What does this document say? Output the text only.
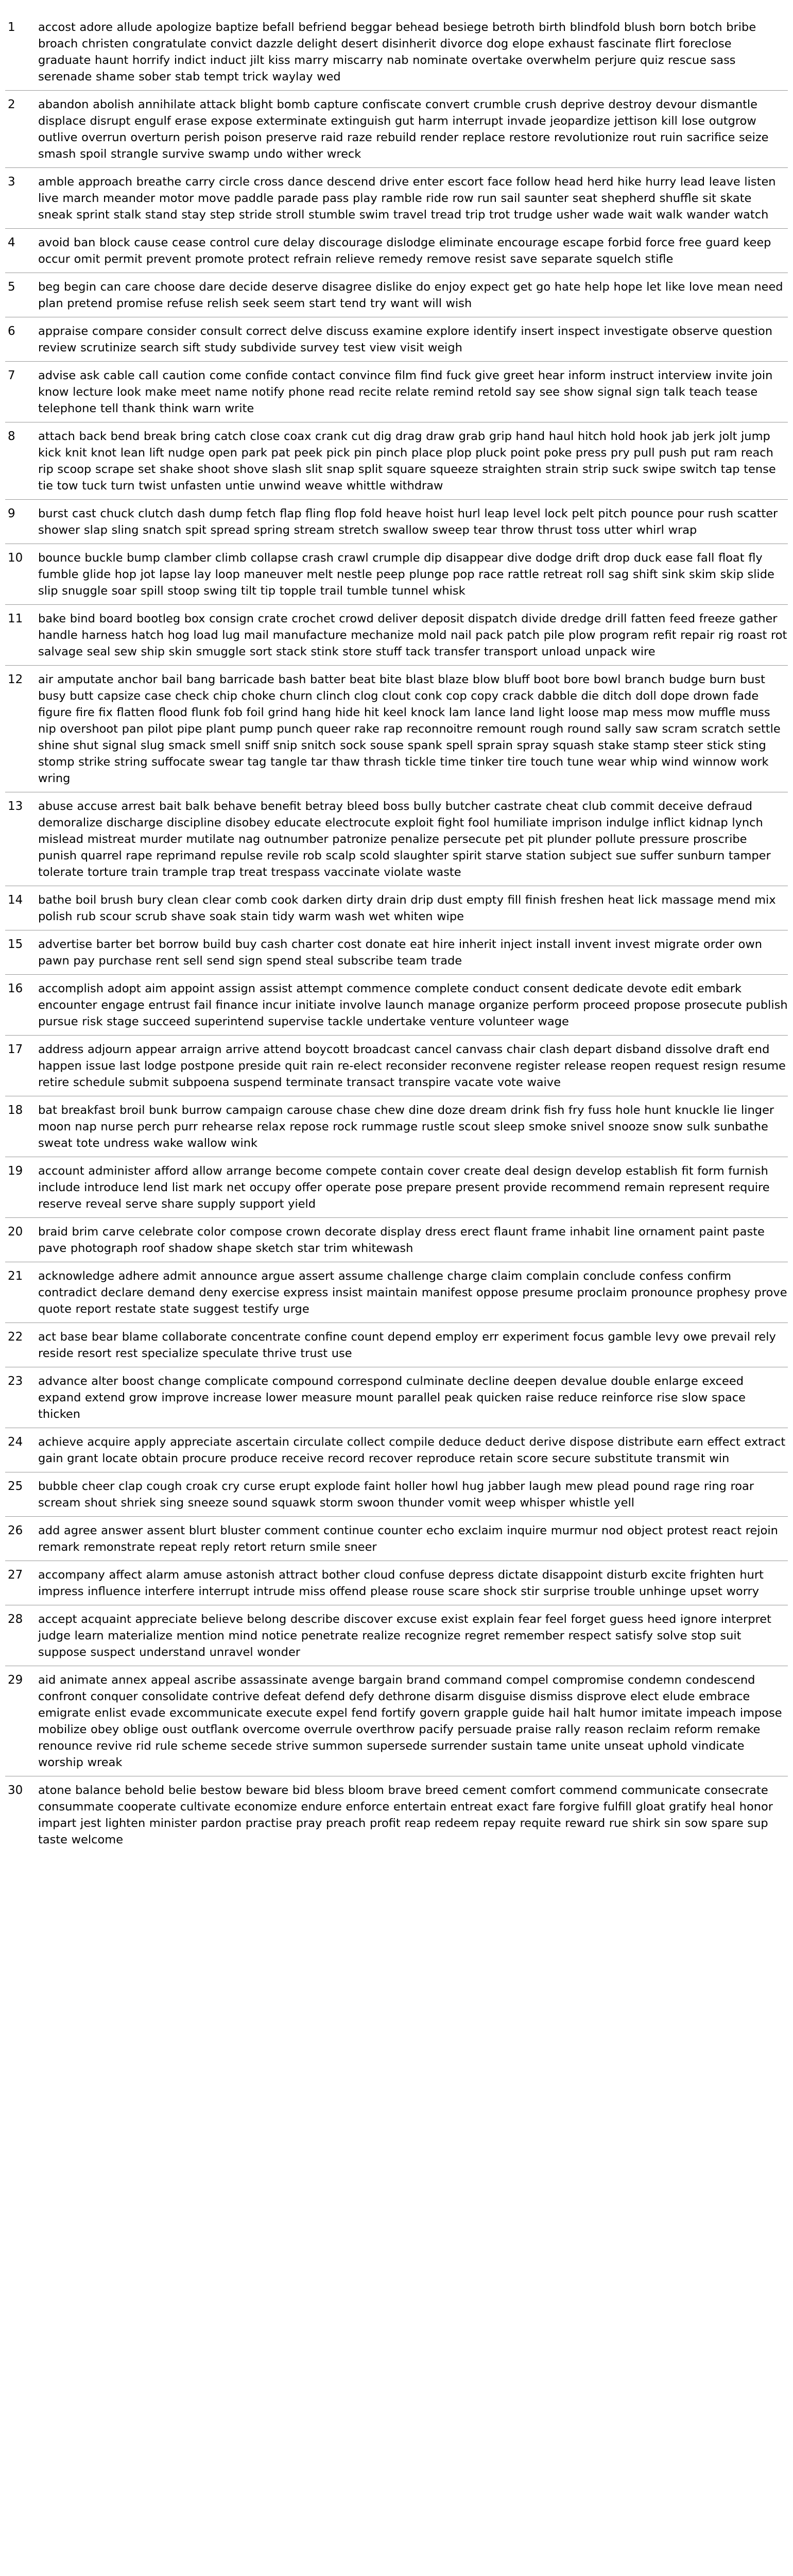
1	accost adore allude apologize baptize befall befriend beggar behead besiege betroth birth blindfold blush born botch bribe broach christen congratulate convict dazzle delight desert disinherit divorce dog elope exhaust fascinate flirt foreclose graduate haunt horrify indict induct jilt kiss marry miscarry nab nominate overtake overwhelm perjure quiz rescue sass serenade shame sober stab tempt trick waylay wed
2	abandon abolish annihilate attack blight bomb capture confiscate convert crumble crush deprive destroy devour dismantle displace disrupt engulf erase expose exterminate extinguish gut harm interrupt invade jeopardize jettison kill lose outgrow outlive overrun overturn perish poison preserve raid raze rebuild render replace restore revolutionize rout ruin sacrifice seize smash spoil strangle survive swamp undo wither wreck
3	amble approach breathe carry circle cross dance descend drive enter escort face follow head herd hike hurry lead leave listen live march meander motor move paddle parade pass play ramble ride row run sail saunter seat shepherd shuffle sit skate sneak sprint stalk stand stay step stride stroll stumble swim travel tread trip trot trudge usher wade wait walk wander watch
4	avoid ban block cause cease control cure delay discourage dislodge eliminate encourage escape forbid force free guard keep occur omit permit prevent promote protect refrain relieve remedy remove resist save separate squelch stifle
5	beg begin can care choose dare decide deserve disagree dislike do enjoy expect get go hate help hope let like love mean need plan pretend promise refuse relish seek seem start tend try want will wish
6	appraise compare consider consult correct delve discuss examine explore identify insert inspect investigate observe question review scrutinize search sift study subdivide survey test view visit weigh
7	advise ask cable call caution come confide contact convince film find fuck give greet hear inform instruct interview invite join know lecture look make meet name notify phone read recite relate remind retold say see show signal sign talk teach tease telephone tell thank think warn write
8	attach back bend break bring catch close coax crank cut dig drag draw grab grip hand haul hitch hold hook jab jerk jolt jump kick knit knot lean lift nudge open park pat peek pick pin pinch place plop pluck point poke press pry pull push put ram reach rip scoop scrape set shake shoot shove slash slit snap split square squeeze straighten strain strip suck swipe switch tap tense tie tow tuck turn twist unfasten untie unwind weave whittle withdraw
9	burst cast chuck clutch dash dump fetch flap fling flop fold heave hoist hurl leap level lock pelt pitch pounce pour rush scatter shower slap sling snatch spit spread spring stream stretch swallow sweep tear throw thrust toss utter whirl wrap
10	bounce buckle bump clamber climb collapse crash crawl crumple dip disappear dive dodge drift drop duck ease fall float fly fumble glide hop jot lapse lay loop maneuver melt nestle peep plunge pop race rattle retreat roll sag shift sink skim skip slide slip snuggle soar spill stoop swing tilt tip topple trail tumble tunnel whisk
11	bake bind board bootleg box consign crate crochet crowd deliver deposit dispatch divide dredge drill fatten feed freeze gather handle harness hatch hog load lug mail manufacture mechanize mold nail pack patch pile plow program refit repair rig roast rot salvage seal sew ship skin smuggle sort stack stink store stuff tack transfer transport unload unpack wire
12	air amputate anchor bail bang barricade bash batter beat bite blast blaze blow bluff boot bore bowl branch budge burn bust busy butt capsize case check chip choke churn clinch clog clout conk cop copy crack dabble die ditch doll dope drown fade figure fire fix flatten flood flunk fob foil grind hang hide hit keel knock lam lance land light loose map mess mow muffle muss nip overshoot pan pilot pipe plant pump punch queer rake rap reconnoitre remount rough round sally saw scram scratch settle shine shut signal slug smack smell sniff snip snitch sock souse spank spell sprain spray squash stake stamp steer stick sting stomp strike string suffocate swear tag tangle tar thaw thrash tickle time tinker tire touch tune wear whip wind winnow work wring
13	abuse accuse arrest bait balk behave benefit betray bleed boss bully butcher castrate cheat club commit deceive defraud demoralize discharge discipline disobey educate electrocute exploit fight fool humiliate imprison indulge inflict kidnap lynch mislead mistreat murder mutilate nag outnumber patronize penalize persecute pet pit plunder pollute pressure proscribe punish quarrel rape reprimand repulse revile rob scalp scold slaughter spirit starve station subject sue suffer sunburn tamper tolerate torture train trample trap treat trespass vaccinate violate waste
14	bathe boil brush bury clean clear comb cook darken dirty drain drip dust empty fill finish freshen heat lick massage mend mix polish rub scour scrub shave soak stain tidy warm wash wet whiten wipe
15	advertise barter bet borrow build buy cash charter cost donate eat hire inherit inject install invent invest migrate order own pawn pay purchase rent sell send sign spend steal subscribe team trade
16	accomplish adopt aim appoint assign assist attempt commence complete conduct consent dedicate devote edit embark encounter engage entrust fail finance incur initiate involve launch manage organize perform proceed propose prosecute publish pursue risk stage succeed superintend supervise tackle undertake venture volunteer wage
17	address adjourn appear arraign arrive attend boycott broadcast cancel canvass chair clash depart disband dissolve draft end happen issue last lodge postpone preside quit rain re-elect reconsider reconvene register release reopen request resign resume retire schedule submit subpoena suspend terminate transact transpire vacate vote waive
18	bat breakfast broil bunk burrow campaign carouse chase chew dine doze dream drink fish fry fuss hole hunt knuckle lie linger moon nap nurse perch purr rehearse relax repose rock rummage rustle scout sleep smoke snivel snooze snow sulk sunbathe sweat tote undress wake wallow wink
19	account administer afford allow arrange become compete contain cover create deal design develop establish fit form furnish include introduce lend list mark net occupy offer operate pose prepare present provide recommend remain represent require reserve reveal serve share supply support yield
20	braid brim carve celebrate color compose crown decorate display dress erect flaunt frame inhabit line ornament paint paste pave photograph roof shadow shape sketch star trim whitewash
21	acknowledge adhere admit announce argue assert assume challenge charge claim complain conclude confess confirm contradict declare demand deny exercise express insist maintain manifest oppose presume proclaim pronounce prophesy prove quote report restate state suggest testify urge
22	act base bear blame collaborate concentrate confine count depend employ err experiment focus gamble levy owe prevail rely reside resort rest specialize speculate thrive trust use
23	advance alter boost change complicate compound correspond culminate decline deepen devalue double enlarge exceed expand extend grow improve increase lower measure mount parallel peak quicken raise reduce reinforce rise slow space thicken
24	achieve acquire apply appreciate ascertain circulate collect compile deduce deduct derive dispose distribute earn effect extract gain grant locate obtain procure produce receive record recover reproduce retain score secure substitute transmit win
25	bubble cheer clap cough croak cry curse erupt explode faint holler howl hug jabber laugh mew plead pound rage ring roar scream shout shriek sing sneeze sound squawk storm swoon thunder vomit weep whisper whistle yell
26	add agree answer assent blurt bluster comment continue counter echo exclaim inquire murmur nod object protest react rejoin remark remonstrate repeat reply retort return smile sneer
27	accompany affect alarm amuse astonish attract bother cloud confuse depress dictate disappoint disturb excite frighten hurt impress influence interfere interrupt intrude miss offend please rouse scare shock stir surprise trouble unhinge upset worry
28	accept acquaint appreciate believe belong describe discover excuse exist explain fear feel forget guess heed ignore interpret judge learn materialize mention mind notice penetrate realize recognize regret remember respect satisfy solve stop suit suppose suspect understand unravel wonder
29	aid animate annex appeal ascribe assassinate avenge bargain brand command compel compromise condemn condescend confront conquer consolidate contrive defeat defend defy dethrone disarm disguise dismiss disprove elect elude embrace emigrate enlist evade excommunicate execute expel fend fortify govern grapple guide hail halt humor imitate impeach impose mobilize obey oblige oust outflank overcome overrule overthrow pacify persuade praise rally reason reclaim reform remake renounce revive rid rule scheme secede strive summon supersede surrender sustain tame unite unseat uphold vindicate worship wreak
30	atone balance behold belie bestow beware bid bless bloom brave breed cement comfort commend communicate consecrate consummate cooperate cultivate economize endure enforce entertain entreat exact fare forgive fulfill gloat gratify heal honor impart jest lighten minister pardon practise pray preach profit reap redeem repay requite reward rue shirk sin sow spare sup taste welcome
